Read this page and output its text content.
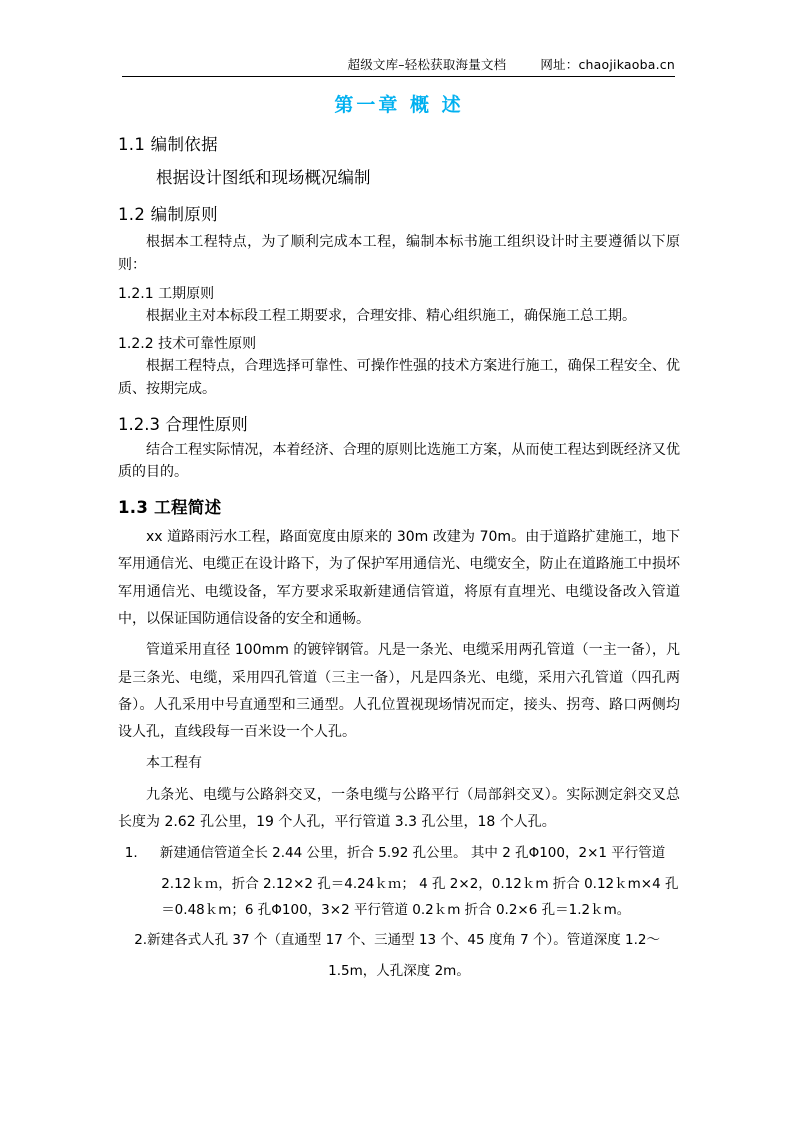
超级文库–轻松获取海量文档	网址：chaojikaoba.cn
第一章 概 述
1.1 编制依据

根据设计图纸和现场概况编制

1.2 编制原则

根据本工程特点，为了顺利完成本工程，编制本标书施工组织设计时主要遵循以下原则：

1.2.1 工期原则

根据业主对本标段工程工期要求，合理安排、精心组织施工，确保施工总工期。

1.2.2 技术可靠性原则

根据工程特点，合理选择可靠性、可操作性强的技术方案进行施工，确保工程安全、优质、按期完成。

1.2.3 合理性原则

结合工程实际情况，本着经济、合理的原则比选施工方案，从而使工程达到既经济又优质的目的。

1.3 工程简述

xx 道路雨污水工程，路面宽度由原来的 30m 改建为 70m。由于道路扩建施工，地下军用通信光、电缆正在设计路下，为了保护军用通信光、电缆安全，防止在道路施工中损坏军用通信光、电缆设备，军方要求采取新建通信管道，将原有直埋光、电缆设备改入管道中，以保证国防通信设备的安全和通畅。

管道采用直径 100mm 的镀锌钢管。凡是一条光、电缆采用两孔管道（一主一备），凡是三条光、电缆，采用四孔管道（三主一备），凡是四条光、电缆，采用六孔管道（四孔两备）。人孔采用中号直通型和三通型。人孔位置视现场情况而定，接头、拐弯、路口两侧均设人孔，直线段每一百米设一个人孔。

本工程有

九条光、电缆与公路斜交叉，一条电缆与公路平行（局部斜交叉）。实际测定斜交叉总长度为 2.62 孔公里，19 个人孔，平行管道 3.3 孔公里，18 个人孔。

1. 新建通信管道全长 2.44 公里，折合 5.92 孔公里。 其中 2 孔Φ100，2×1 平行管道

2.12ｋｍ，折合 2.12×2 孔＝4.24ｋｍ； 4 孔 2×2，0.12ｋm 折合 0.12ｋm×4 孔 ＝0.48ｋm；6 孔Φ100，3×2 平行管道 0.2ｋm 折合 0.2×6 孔＝1.2ｋm。

2.新建各式人孔 37 个（直通型 17 个、三通型 13 个、45 度角 7 个）。管道深度 1.2～

1.5m，人孔深度 2m。
